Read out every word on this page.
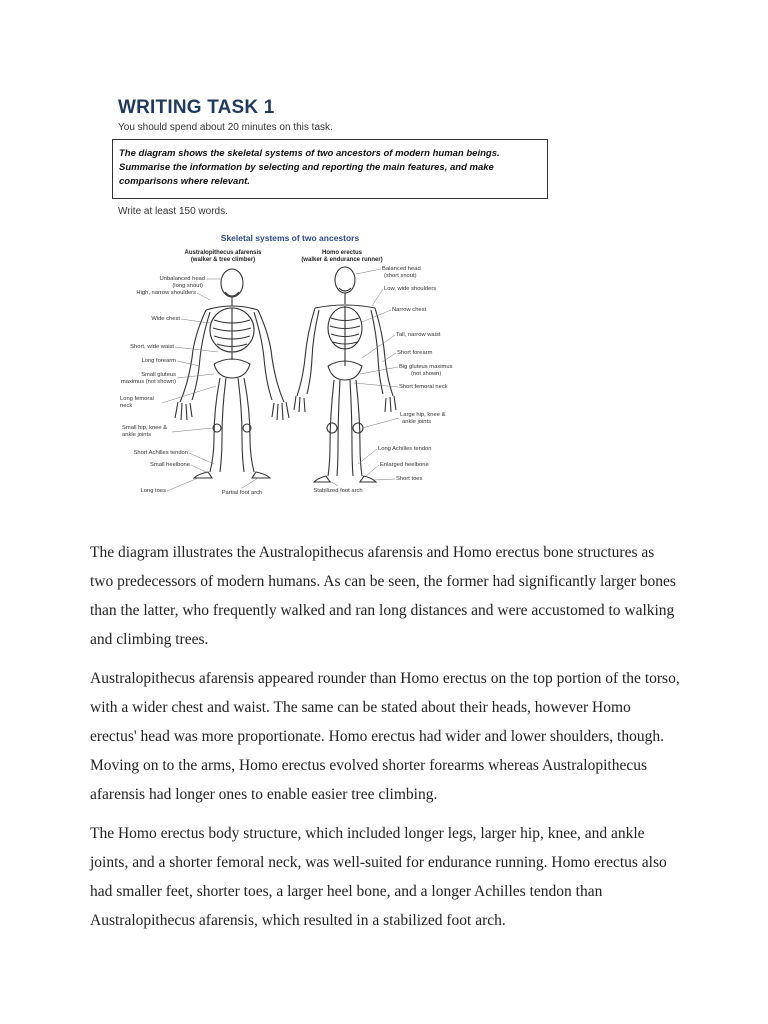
WRITING TASK 1
You should spend about 20 minutes on this task.

The diagram shows the skeletal systems of two ancestors of modern human beings.

Summarise the information by selecting and reporting the main features, and make comparisons where relevant.

Write at least 150 words.
Skeletal systems of two ancestors
Australopithecus afarensis
(walker & tree climber)
Homo erectus
(walker & endurance runner)
Unbalanced head
(long snout)
High, narrow shoulders
Wide chest
Short, wide waist
Long forearm
Small gluteus
maximus (not shown)
Long femoral
neck
Small hip, knee &
ankle joints
Short Achilles tendon
Small heelbone
Long toes	Partial foot arch
Balanced head
(short snout)
Low, wide shoulders
Narrow chest
Tall, narrow waist
Short forearm
Big gluteus maximus
(not shown)
Short femoral neck
Large hip, knee &
ankle joints
Long Achilles tendon
Enlarged heelbone
Short toes
Stabilized foot arch

The diagram illustrates the Australopithecus afarensis and Homo erectus bone structures as two predecessors of modern humans. As can be seen, the former had significantly larger bones than the latter, who frequently walked and ran long distances and were accustomed to walking and climbing trees.

Australopithecus afarensis appeared rounder than Homo erectus on the top portion of the torso, with a wider chest and waist. The same can be stated about their heads, however Homo erectus' head was more proportionate. Homo erectus had wider and lower shoulders, though. Moving on to the arms, Homo erectus evolved shorter forearms whereas Australopithecus afarensis had longer ones to enable easier tree climbing.

The Homo erectus body structure, which included longer legs, larger hip, knee, and ankle joints, and a shorter femoral neck, was well-suited for endurance running. Homo erectus also had smaller feet, shorter toes, a larger heel bone, and a longer Achilles tendon than Australopithecus afarensis, which resulted in a stabilized foot arch.
